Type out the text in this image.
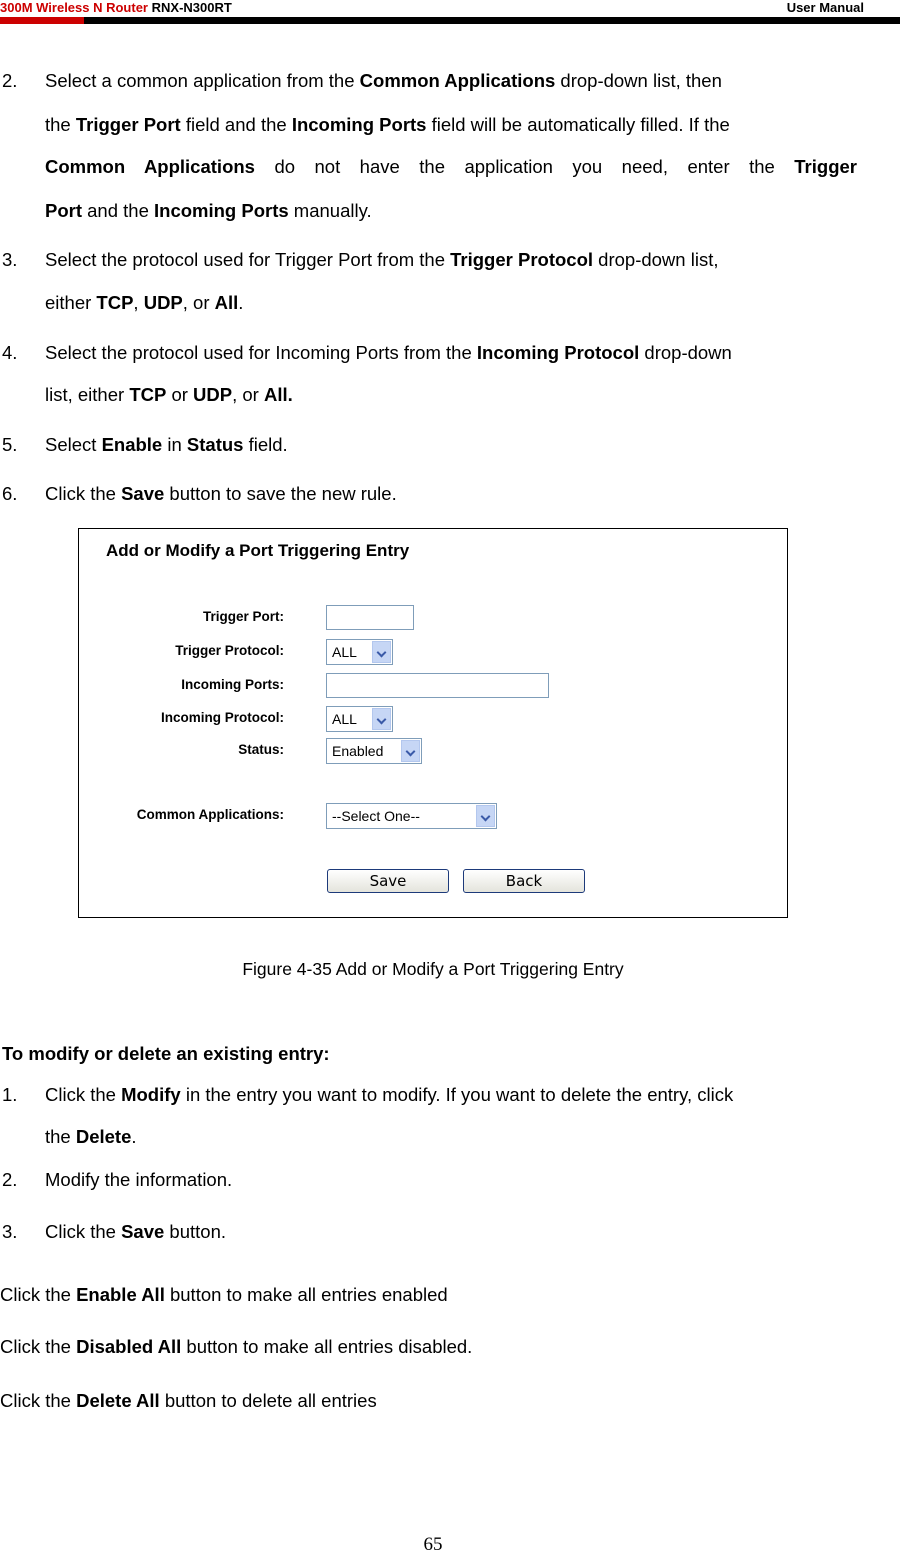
300M Wireless N Router RNX-N300RT	User Manual
2. Select a common application from the Common Applications drop-down list, then
the Trigger Port field and the Incoming Ports field will be automatically filled. If the
Common Applications do not have the application you need, enter the Trigger
Port and the Incoming Ports manually.
3. Select the protocol used for Trigger Port from the Trigger Protocol drop-down list,
either TCP, UDP, or All.
4. Select the protocol used for Incoming Ports from the Incoming Protocol drop-down
list, either TCP or UDP, or All.
5. Select Enable in Status field.
6. Click the Save button to save the new rule.
Add or Modify a Port Triggering Entry
Trigger Port:
Trigger Protocol:	ALL
Incoming Ports:
Incoming Protocol:	ALL
Status:	Enabled
Common Applications:	--Select One--
Save	Back
Figure 4-35 Add or Modify a Port Triggering Entry
To modify or delete an existing entry:
1. Click the Modify in the entry you want to modify. If you want to delete the entry, click
the Delete.
2. Modify the information.
3. Click the Save button.
Click the Enable All button to make all entries enabled
Click the Disabled All button to make all entries disabled.
Click the Delete All button to delete all entries
65
